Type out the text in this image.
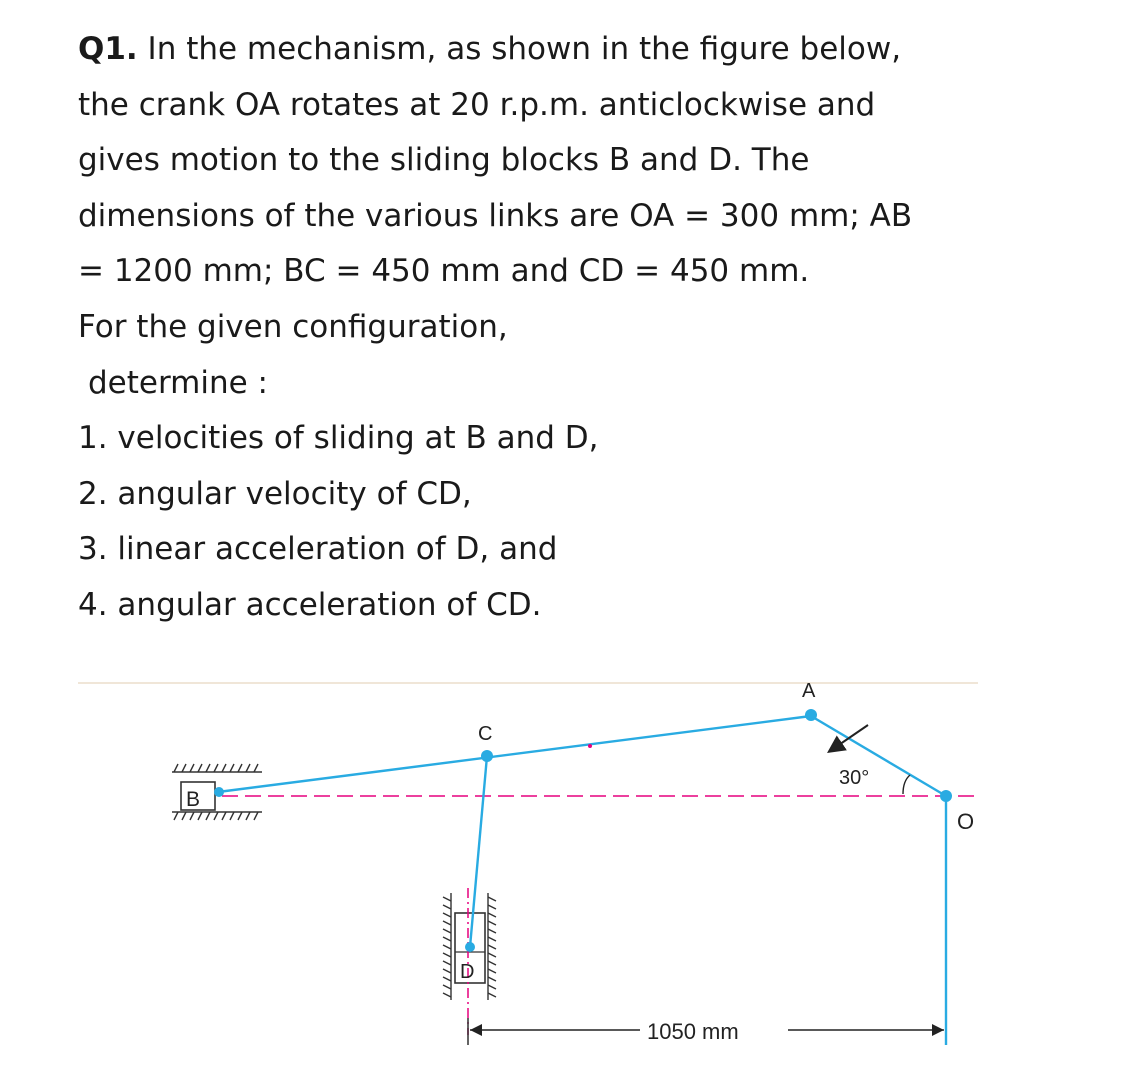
Q1. In the mechanism, as shown in the figure below,

the crank OA rotates at 20 r.p.m. anticlockwise and

gives motion to the sliding blocks B and D. The

dimensions of the various links are OA = 300 mm; AB

= 1200 mm; BC = 450 mm and CD = 450 mm.

For the given configuration,

determine :

1. velocities of sliding at B and D,

2. angular velocity of CD,

3. linear acceleration of D, and

4. angular acceleration of CD.

B
D
30°
A
C
O
1050 mm
